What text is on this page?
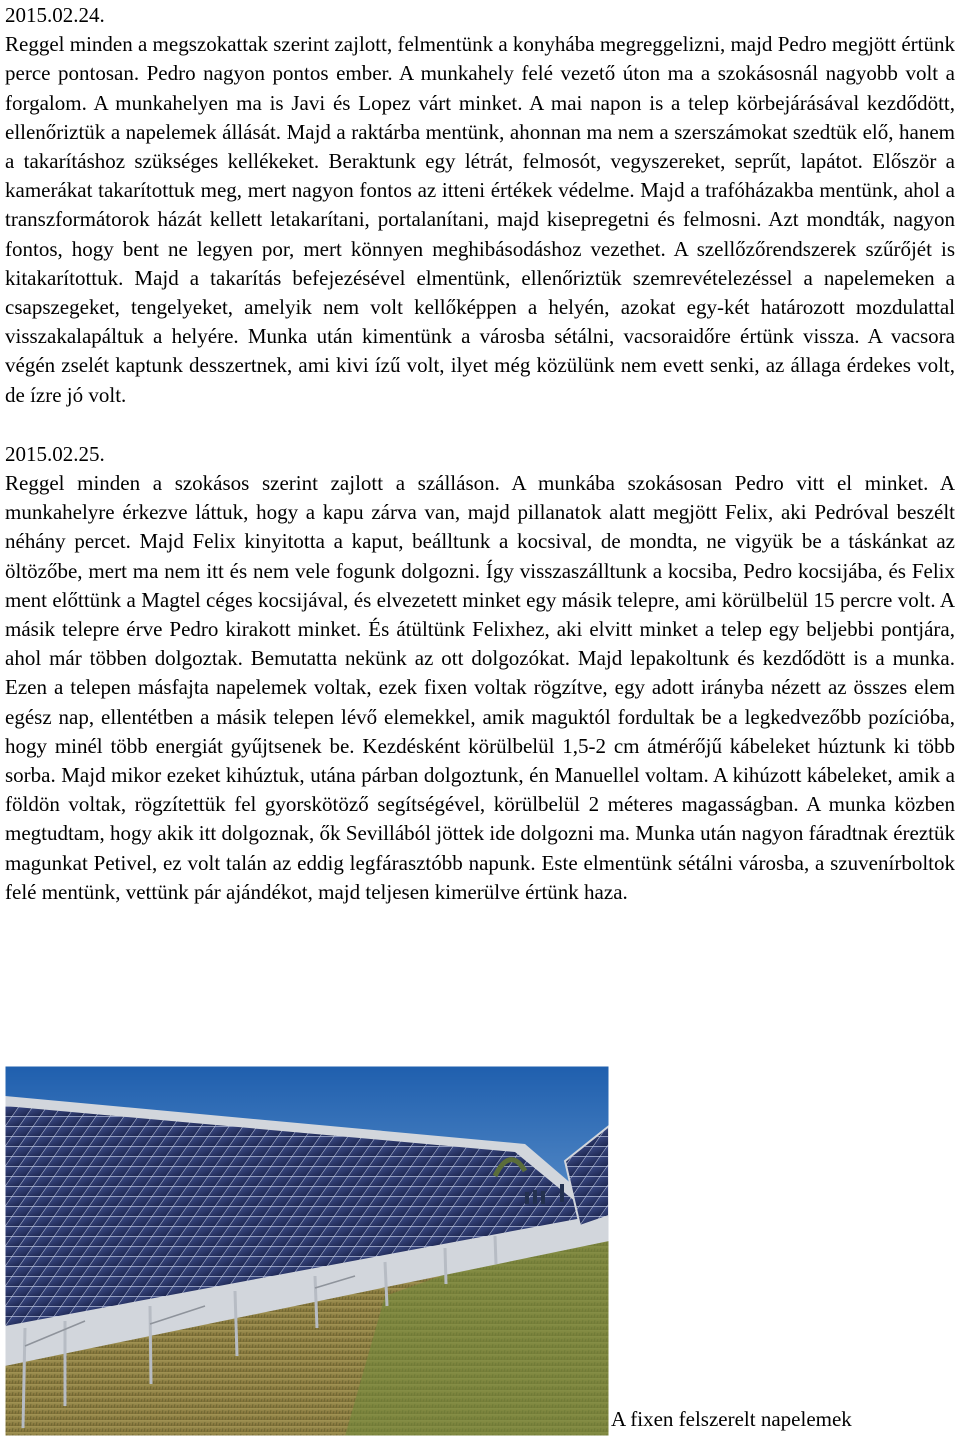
2015.02.24.

Reggel minden a megszokattak szerint zajlott, felmentünk a konyhába megreggelizni, majd Pedro megjött értünk perce pontosan. Pedro nagyon pontos ember. A munkahely felé vezető úton ma a szokásosnál nagyobb volt a forgalom. A munkahelyen ma is Javi és Lopez várt minket. A mai napon is a telep körbejárásával kezdődött, ellenőriztük a napelemek állását. Majd a raktárba mentünk, ahonnan ma nem a szerszámokat szedtük elő, hanem a takarításhoz szükséges kellékeket. Beraktunk egy létrát, felmosót, vegyszereket, seprűt, lapátot. Először a kamerákat takarítottuk meg, mert nagyon fontos az itteni értékek védelme. Majd a trafóházakba mentünk, ahol a transzformátorok házát kellett letakarítani, portalanítani, majd kisepregetni és felmosni. Azt mondták, nagyon fontos, hogy bent ne legyen por, mert könnyen meghibásodáshoz vezethet. A szellőzőrendszerek szűrőjét is kitakarítottuk. Majd a takarítás befejezésével elmentünk, ellenőriztük szemrevételezéssel a napelemeken a csapszegeket, tengelyeket, amelyik nem volt kellőképpen a helyén, azokat egy-két határozott mozdulattal visszakalapáltuk a helyére. Munka után kimentünk a városba sétálni, vacsoraidőre értünk vissza. A vacsora végén zselét kaptunk desszertnek, ami kivi ízű volt, ilyet még közülünk nem evett senki, az állaga érdekes volt, de ízre jó volt.

2015.02.25.

Reggel minden a szokásos szerint zajlott a szálláson. A munkába szokásosan Pedro vitt el minket. A munkahelyre érkezve láttuk, hogy a kapu zárva van, majd pillanatok alatt megjött Felix, aki Pedróval beszélt néhány percet. Majd Felix kinyitotta a kaput, beálltunk a kocsival, de mondta, ne vigyük be a táskánkat az öltözőbe, mert ma nem itt és nem vele fogunk dolgozni. Így visszaszálltunk a kocsiba, Pedro kocsijába, és Felix ment előttünk a Magtel céges kocsijával, és elvezetett minket egy másik telepre, ami körülbelül 15 percre volt. A másik telepre érve Pedro kirakott minket. És átültünk Felixhez, aki elvitt minket a telep egy beljebbi pontjára, ahol már többen dolgoztak. Bemutatta nekünk az ott dolgozókat. Majd lepakoltunk és kezdődött is a munka. Ezen a telepen másfajta napelemek voltak, ezek fixen voltak rögzítve, egy adott irányba nézett az összes elem egész nap, ellentétben a másik telepen lévő elemekkel, amik maguktól fordultak be a legkedvezőbb pozícióba, hogy minél több energiát gyűjtsenek be. Kezdésként körülbelül 1,5-2 cm átmérőjű kábeleket húztunk ki több sorba. Majd mikor ezeket kihúztuk, utána párban dolgoztunk, én Manuellel voltam. A kihúzott kábeleket, amik a földön voltak, rögzítettük fel gyorskötöző segítségével, körülbelül 2 méteres magasságban. A munka közben megtudtam, hogy akik itt dolgoznak, ők Sevillából jöttek ide dolgozni ma. Munka után nagyon fáradtnak éreztük magunkat Petivel, ez volt talán az eddig legfárasztóbb napunk. Este elmentünk sétálni városba, a szuvenírboltok felé mentünk, vettünk pár ajándékot, majd teljesen kimerülve értünk haza.

A fixen felszerelt napelemek
